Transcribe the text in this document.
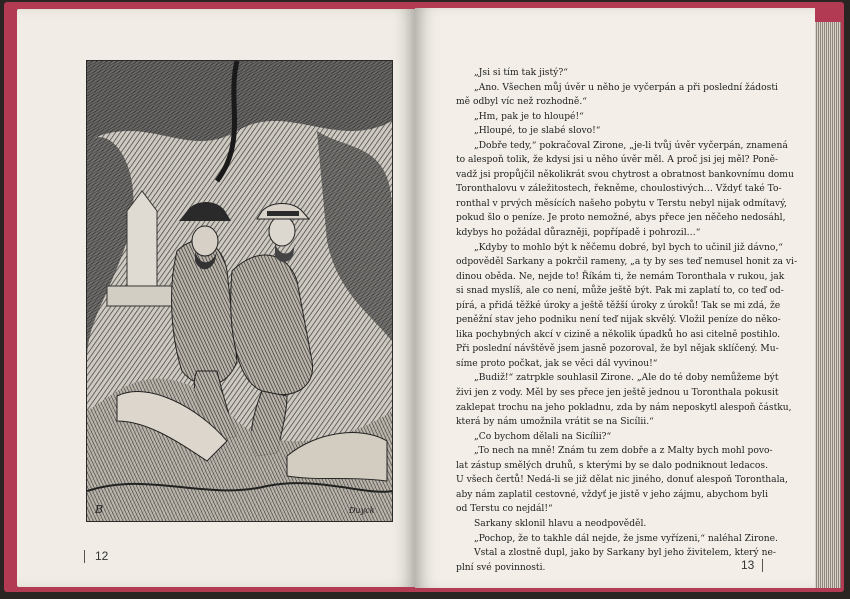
B	Duyck
12
„Jsi si tím tak jistý?“
„Ano. Všechen můj úvěr u něho je vyčerpán a při poslední žádosti
mě odbyl víc než rozhodně.“
„Hm, pak je to hloupé!“
„Hloupé, to je slabé slovo!“
„Dobře tedy,“ pokračoval Zirone, „je-li tvůj úvěr vyčerpán, znamená
to alespoň tolik, že kdysi jsi u něho úvěr měl. A proč jsi jej měl? Poně-
vadž jsi propůjčil několikrát svou chytrost a obratnost bankovnímu domu
Toronthalovu v záležitostech, řekněme, choulostivých… Vždyť také To-
ronthal v prvých měsících našeho pobytu v Terstu nebyl nijak odmítavý,
pokud šlo o peníze. Je proto nemožné, abys přece jen něčeho nedosáhl,
kdybys ho požádal důrazněji, popřípadě i pohrozil…“
„Kdyby to mohlo být k něčemu dobré, byl bych to učinil již dávno,“
odpověděl Sarkany a pokrčil rameny, „a ty by ses teď nemusel honit za vi-
dinou oběda. Ne, nejde to! Říkám ti, že nemám Toronthala v rukou, jak
si snad myslíš, ale co není, může ještě být. Pak mi zaplatí to, co teď od-
pírá, a přidá těžké úroky a ještě těžší úroky z úroků! Tak se mi zdá, že
peněžní stav jeho podniku není teď nijak skvělý. Vložil peníze do něko-
lika pochybných akcí v cizině a několik úpadků ho asi citelně postihlo.
Při poslední návštěvě jsem jasně pozoroval, že byl nějak sklíčený. Mu-
síme proto počkat, jak se věci dál vyvinou!“
„Budiž!“ zatrpkle souhlasil Zirone. „Ale do té doby nemůžeme být
živi jen z vody. Měl by ses přece jen ještě jednou u Toronthala pokusit
zaklepat trochu na jeho pokladnu, zda by nám neposkytl alespoň částku,
která by nám umožnila vrátit se na Sicílii.“
„Co bychom dělali na Sicílii?“
„To nech na mně! Znám tu zem dobře a z Malty bych mohl povo-
lat zástup smělých druhů, s kterými by se dalo podniknout ledacos.
U všech čertů! Nedá-li se již dělat nic jiného, donuť alespoň Toronthala,
aby nám zaplatil cestovné, vždyť je jistě v jeho zájmu, abychom byli
od Terstu co nejdál!“
Sarkany sklonil hlavu a neodpověděl.
„Pochop, že to takhle dál nejde, že jsme vyřízeni,“ naléhal Zirone.
Vstal a zlostně dupl, jako by Sarkany byl jeho živitelem, který ne-
plní své povinnosti.	13
